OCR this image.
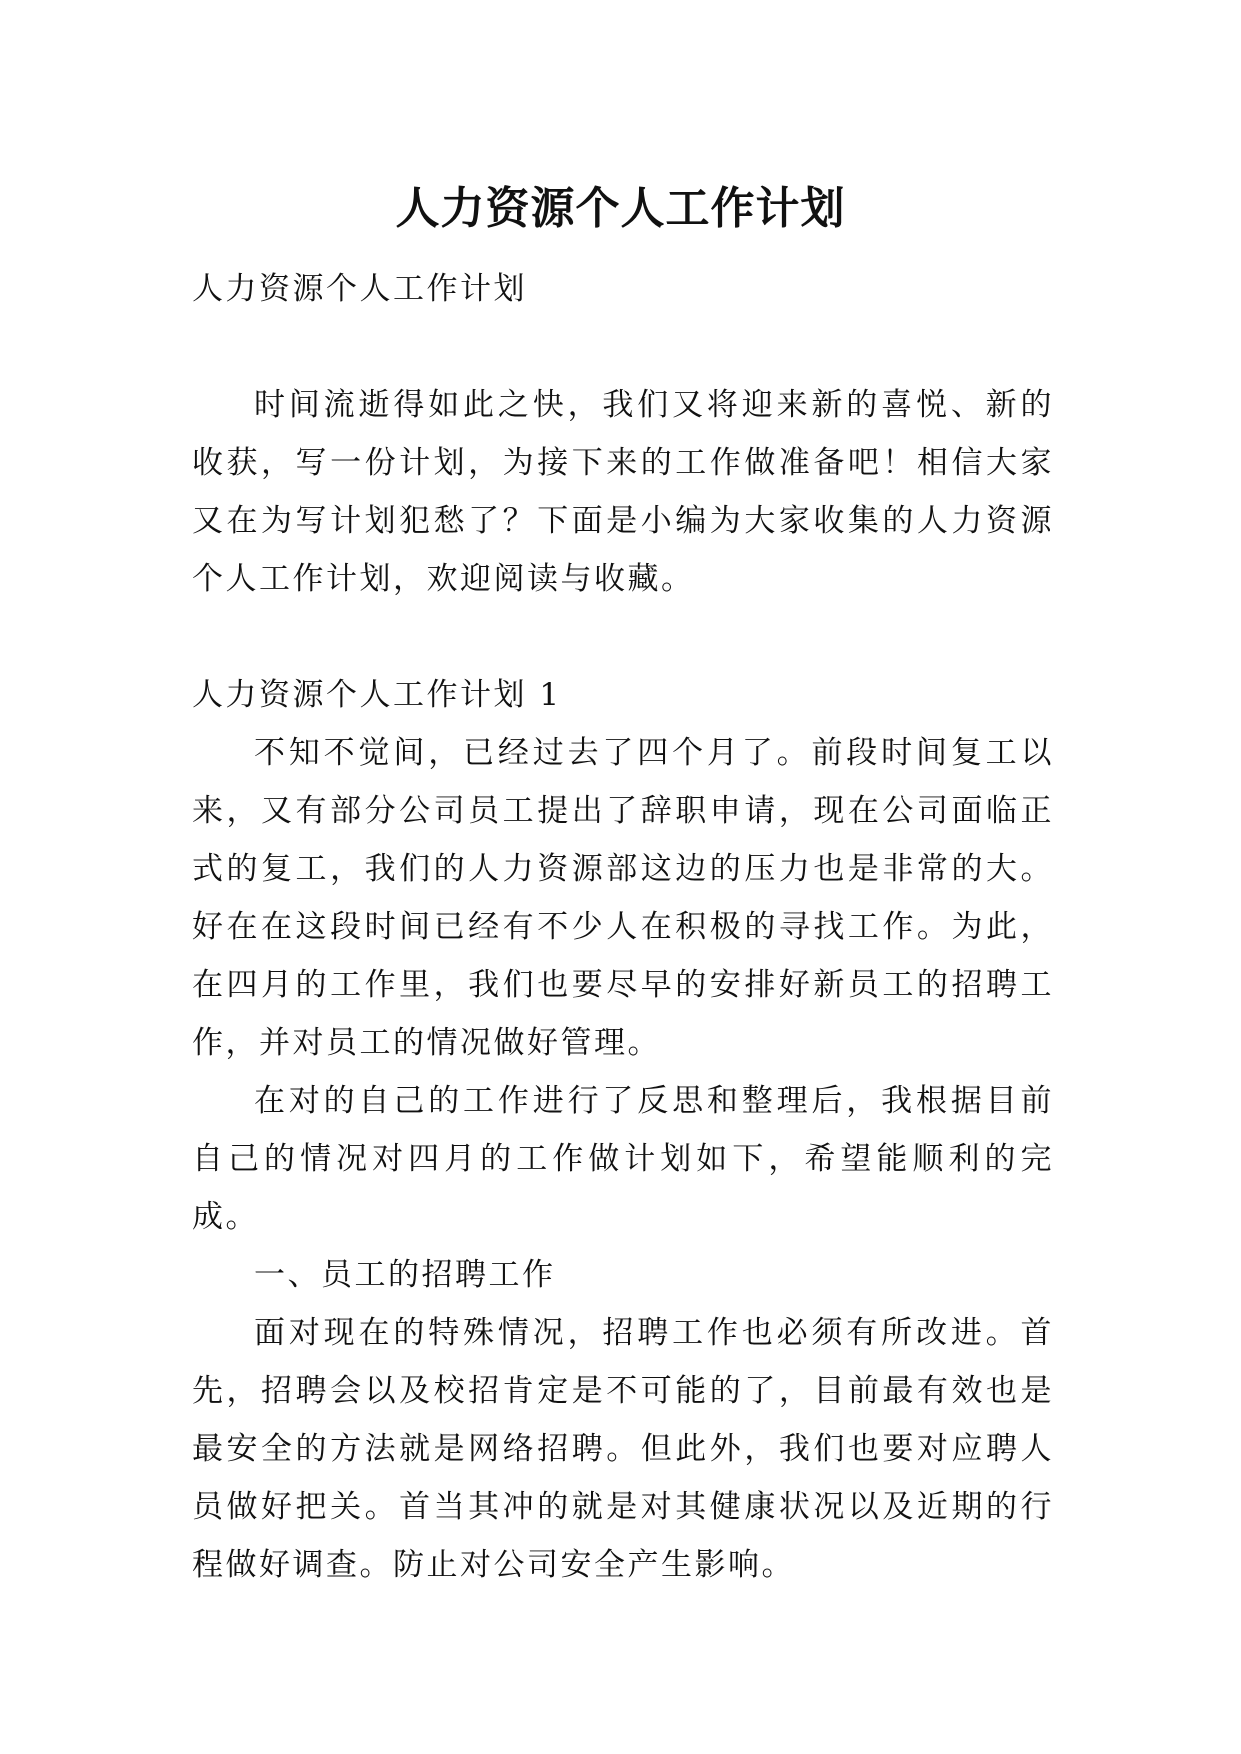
人力资源个人工作计划
人力资源个人工作计划

时间流逝得如此之快，我们又将迎来新的喜悦、新的收获，写一份计划，为接下来的工作做准备吧！相信大家又在为写计划犯愁了？下面是小编为大家收集的人力资源个人工作计划，欢迎阅读与收藏。

人力资源个人工作计划 1

不知不觉间，已经过去了四个月了。前段时间复工以来，又有部分公司员工提出了辞职申请，现在公司面临正式的复工，我们的人力资源部这边的压力也是非常的大。好在在这段时间已经有不少人在积极的寻找工作。为此，在四月的工作里，我们也要尽早的安排好新员工的招聘工作，并对员工的情况做好管理。

在对的自己的工作进行了反思和整理后，我根据目前自己的情况对四月的工作做计划如下，希望能顺利的完成。

一、员工的招聘工作

面对现在的特殊情况，招聘工作也必须有所改进。首先，招聘会以及校招肯定是不可能的了，目前最有效也是最安全的方法就是网络招聘。但此外，我们也要对应聘人员做好把关。首当其冲的就是对其健康状况以及近期的行程做好调查。防止对公司安全产生影响。
